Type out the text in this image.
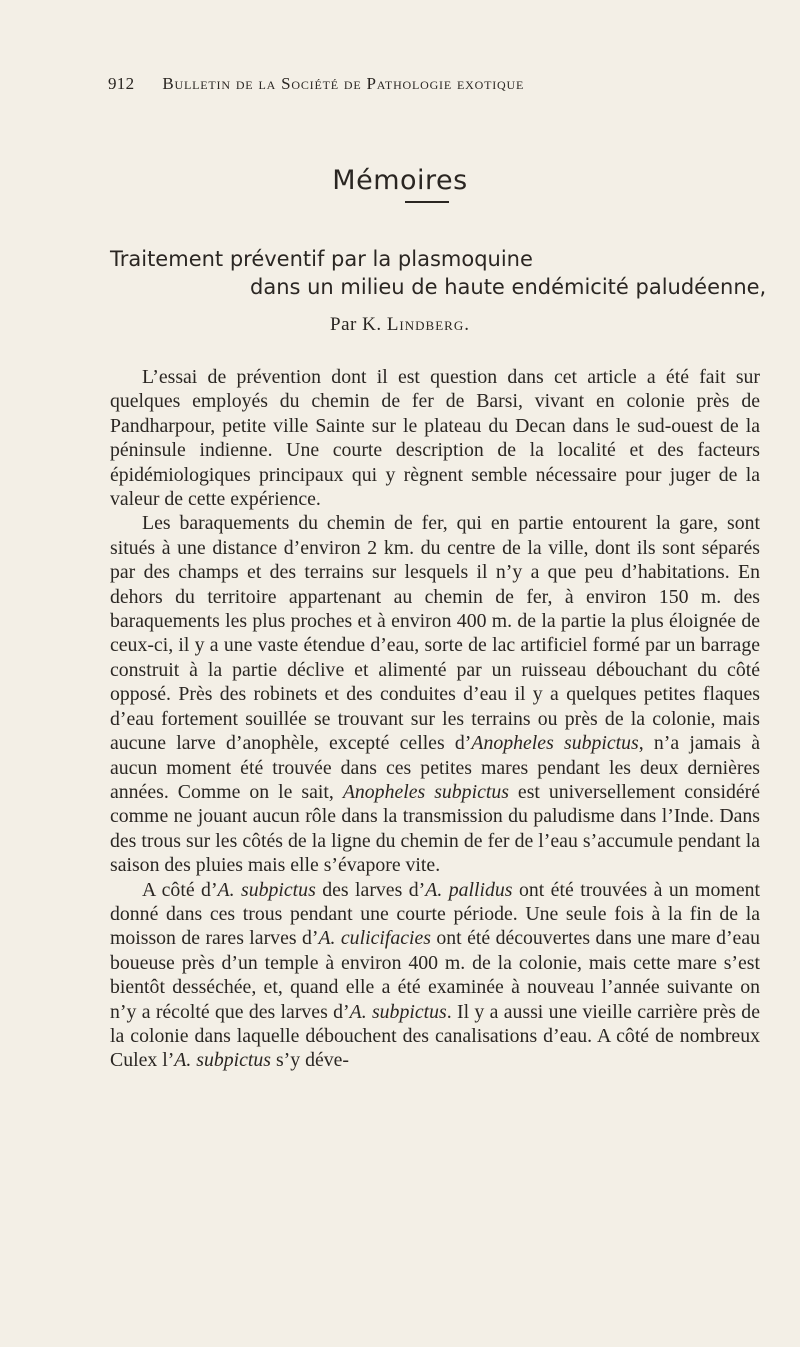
912 Bulletin de la Société de Pathologie exotique
Mémoires
Traitement préventif par la plasmoquine
dans un milieu de haute endémicité paludéenne,
Par K. Lindberg.

L’essai de prévention dont il est question dans cet article a été fait sur quelques employés du chemin de fer de Barsi, vivant en colonie près de Pandharpour, petite ville Sainte sur le plateau du Decan dans le sud-ouest de la péninsule indienne. Une courte description de la localité et des facteurs épidémiologiques principaux qui y règnent semble nécessaire pour juger de la valeur de cette expérience.

Les baraquements du chemin de fer, qui en partie entourent la gare, sont situés à une distance d’environ 2 km. du centre de la ville, dont ils sont séparés par des champs et des terrains sur lesquels il n’y a que peu d’habitations. En dehors du territoire appartenant au chemin de fer, à environ 150 m. des baraquements les plus proches et à environ 400 m. de la partie la plus éloignée de ceux-ci, il y a une vaste étendue d’eau, sorte de lac artificiel formé par un barrage construit à la partie déclive et alimenté par un ruisseau débouchant du côté opposé. Près des robinets et des conduites d’eau il y a quelques petites flaques d’eau fortement souillée se trouvant sur les terrains ou près de la colonie, mais aucune larve d’anophèle, excepté celles d’Anopheles subpictus, n’a jamais à aucun moment été trouvée dans ces petites mares pendant les deux dernières années. Comme on le sait, Anopheles subpictus est universellement considéré comme ne jouant aucun rôle dans la transmission du paludisme dans l’Inde. Dans des trous sur les côtés de la ligne du chemin de fer de l’eau s’accumule pendant la saison des pluies mais elle s’évapore vite.

A côté d’A. subpictus des larves d’A. pallidus ont été trouvées à un moment donné dans ces trous pendant une courte période. Une seule fois à la fin de la moisson de rares larves d’A. culicifacies ont été découvertes dans une mare d’eau boueuse près d’un temple à environ 400 m. de la colonie, mais cette mare s’est bientôt desséchée, et, quand elle a été examinée à nouveau l’année suivante on n’y a récolté que des larves d’A. subpictus. Il y a aussi une vieille carrière près de la colonie dans laquelle débouchent des canalisations d’eau. A côté de nombreux Culex l’A. subpictus s’y déve-
